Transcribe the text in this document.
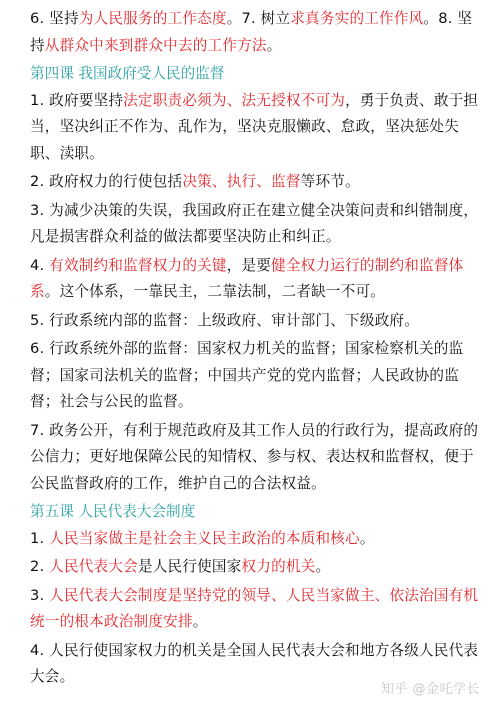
6. 坚持为人民服务的工作态度。7. 树立求真务实的工作作风。8. 坚持从群众中来到群众中去的工作方法。

第四课 我国政府受人民的监督

1. 政府要坚持法定职责必须为、法无授权不可为，勇于负责、敢于担当，坚决纠正不作为、乱作为，坚决克服懒政、怠政，坚决惩处失职、渎职。

2. 政府权力的行使包括决策、执行、监督等环节。

3. 为减少决策的失误，我国政府正在建立健全决策问责和纠错制度，凡是损害群众利益的做法都要坚决防止和纠正。

4. 有效制约和监督权力的关键，是要健全权力运行的制约和监督体系。这个体系，一靠民主，二靠法制，二者缺一不可。

5. 行政系统内部的监督：上级政府、审计部门、下级政府。

6. 行政系统外部的监督：国家权力机关的监督；国家检察机关的监督；国家司法机关的监督；中国共产党的党内监督；人民政协的监督；社会与公民的监督。

7. 政务公开，有利于规范政府及其工作人员的行政行为，提高政府的公信力；更好地保障公民的知情权、参与权、表达权和监督权，便于公民监督政府的工作，维护自己的合法权益。

第五课 人民代表大会制度

1. 人民当家做主是社会主义民主政治的本质和核心。

2. 人民代表大会是人民行使国家权力的机关。

3. 人民代表大会制度是坚持党的领导、人民当家做主、依法治国有机统一的根本政治制度安排。

4. 人民行使国家权力的机关是全国人民代表大会和地方各级人民代表大会。

知乎 @金吒学长
